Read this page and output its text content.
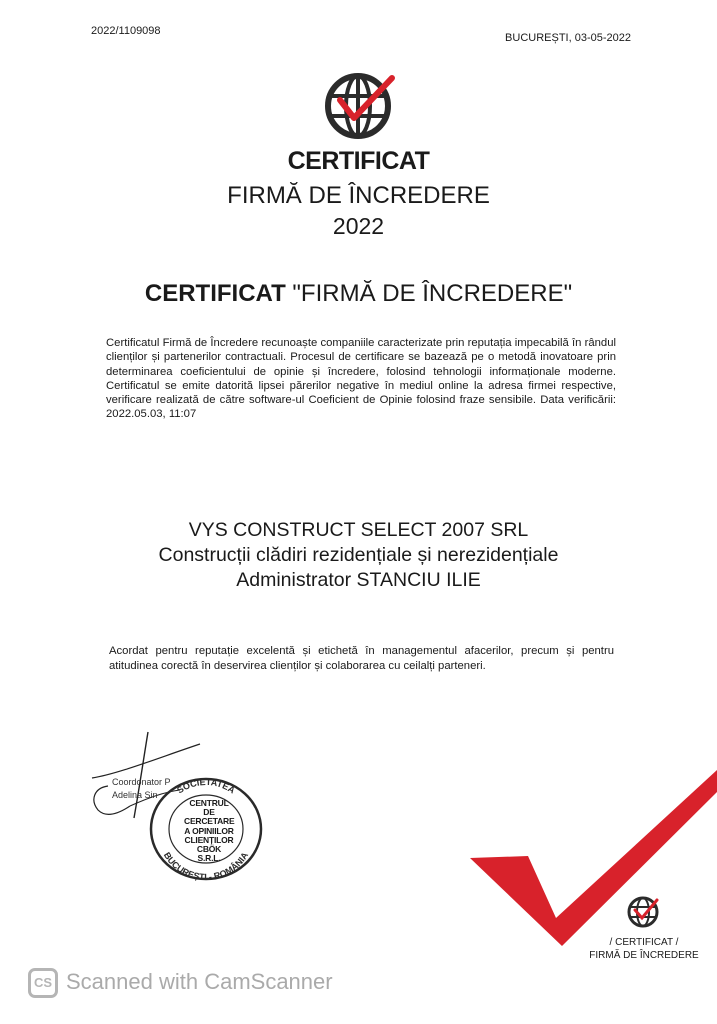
2022/1109098
BUCUREȘTI, 03-05-2022
CERTIFICAT
FIRMĂ DE ÎNCREDERE
2022
CERTIFICAT "FIRMĂ DE ÎNCREDERE"
Certificatul Firmă de Încredere recunoaște companiile caracterizate prin reputația impecabilă în rândul clienților și partenerilor contractuali. Procesul de certificare se bazează pe o metodă inovatoare prin determinarea coeficientului de opinie și încredere, folosind tehnologii informaționale moderne. Certificatul se emite datorită lipsei părerilor negative în mediul online la adresa firmei respective, verificare realizată de către software-ul Coeficient de Opinie folosind fraze sensibile. Data verificării: 2022.05.03, 11:07
VYS CONSTRUCT SELECT 2007 SRL
Construcții clădiri rezidențiale și nerezidențiale
Administrator STANCIU ILIE
Acordat pentru reputație excelentă și etichetă în managementul afacerilor, precum și pentru atitudinea corectă în deservirea clienților și colaborarea cu ceilalți parteneri.
Coordonator P
Adelina Sin	SOCIETATEA
BUCUREȘTI - ROMÂNIA
CENTRUL
DE CERCETARE
A OPINIILOR
CLIENȚILOR
CBÖK
S.R.L.
/ CERTIFICAT /
FIRMĂ DE ÎNCREDERE
CS Scanned with CamScanner
